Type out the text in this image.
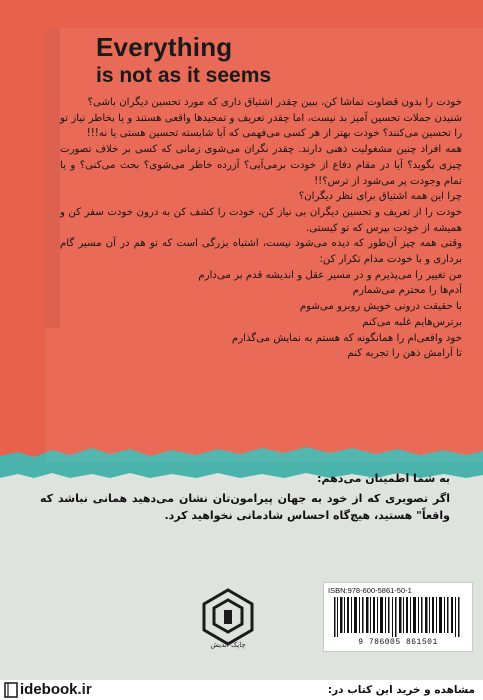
Everything
is not as it seems

خودت را بدون قضاوت تماشا کن، ببین چقدر اشتیاق داری که مورد تحسین دیگران باشی؟

شنیدن جملات تحسین آمیز بد نیست، اما چقدر تعریف و تمجیدها واقعی هستند و یا بخاطر نیاز تو را تحسین می‌کنند؟ خودت بهتر از هر کسی می‌فهمی که آیا شایسته تحسین هستی یا نه!!!

همه افراد چنین مشغولیت ذهنی دارند. چقدر نگران می‌شوی زمانی که کسی بر خلاف تصورت چیزی بگوید؟ آیا در مقام دفاع از خودت برمی‌آیی؟ آزرده خاطر می‌شوی؟ بحث می‌کنی؟ و یا تمام وجودت پر می‌شود از ترس؟!!

چرا این همه اشتیاق برای نظر دیگران؟

خودت را از تعریف و تحسین دیگران بی نیاز کن، خودت را کشف کن به درون خودت سفر کن و همیشه از خودت بپرس که تو کیستی.

وقتی همه چیز آن‌طور که دیده می‌شود نیست، اشتباه بزرگی است که تو هم در آن مسیر گام برداری و با خودت مدام تکرار کن:

من تغییر را می‌پذیرم و در مسیر عقل و اندیشه قدم بر می‌دارم
آدم‌ها را محترم می‌شمارم
با حقیقت درونی خویش روبرو می‌شوم
برترس‌هایم غلبه می‌کنم
خود واقعی‌ام را همانگونه که هستم به نمایش می‌گذارم
تا آرامش ذهن را تجربه کنم
به شما اطمینان می‌دهم:
اگر تصویری که از خود به جهان پیرامون‌تان نشان می‌دهید همانی نباشد که واقعاً" هستید، هیچ‌گاه احساس شادمانی نخواهید کرد.
چاپک اندیش
ISBN:978-600-5861-50-1
9 786005 861501
idebook.ir	مشاهده و خرید این کتاب در:
